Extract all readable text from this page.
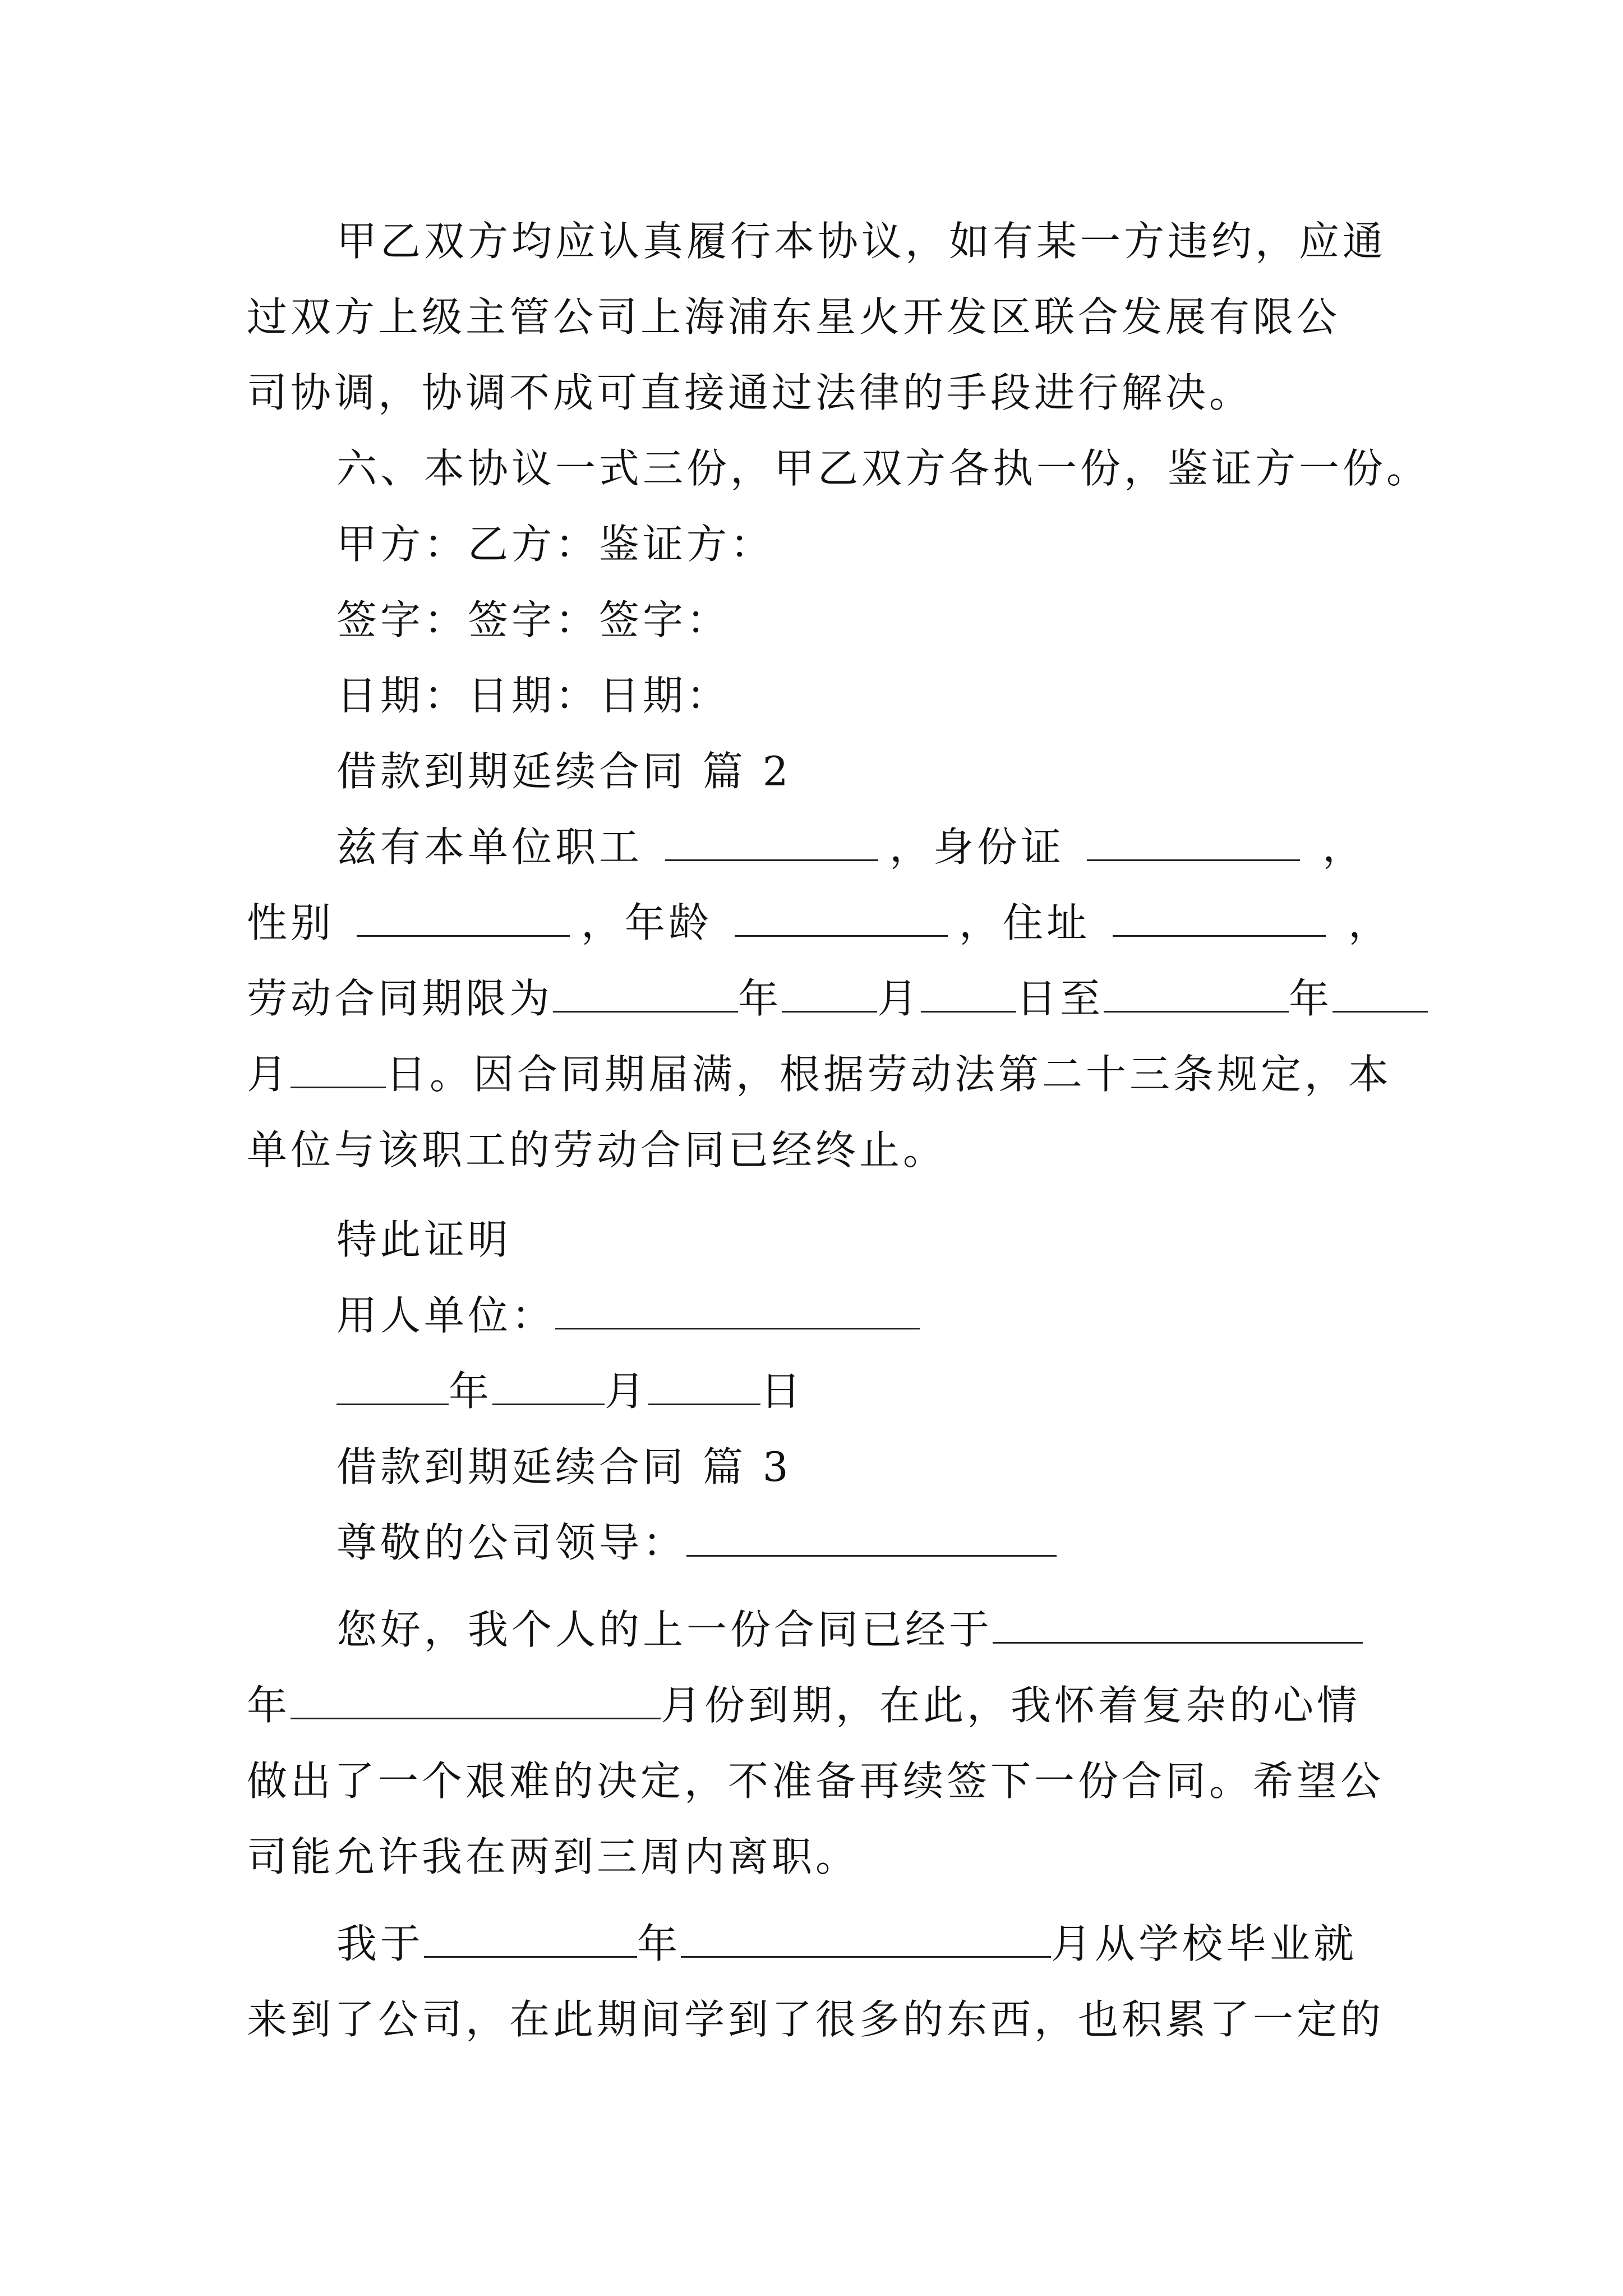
甲乙双方均应认真履行本协议，如有某一方违约，应通
过双方上级主管公司上海浦东星火开发区联合发展有限公
司协调，协调不成可直接通过法律的手段进行解决。
六、本协议一式三份，甲乙双方各执一份，鉴证方一份。
甲方：乙方：鉴证方：
签字：签字：签字：
日期：日期：日期：
借款到期延续合同 篇 2
兹有本单位职工	，身份证	，
性别	，年龄	，住址	，
劳动合同期限为	年 月 日至	年
月 日。因合同期届满，根据劳动法第二十三条规定，本
单位与该职工的劳动合同已经终止。
特此证明
用人单位：
年	月	日
借款到期延续合同 篇 3
尊敬的公司领导：
您好，我个人的上一份合同已经于
年	月份到期，在此，我怀着复杂的心情
做出了一个艰难的决定，不准备再续签下一份合同。希望公
司能允许我在两到三周内离职。
我于	年	月从学校毕业就
来到了公司，在此期间学到了很多的东西，也积累了一定的
